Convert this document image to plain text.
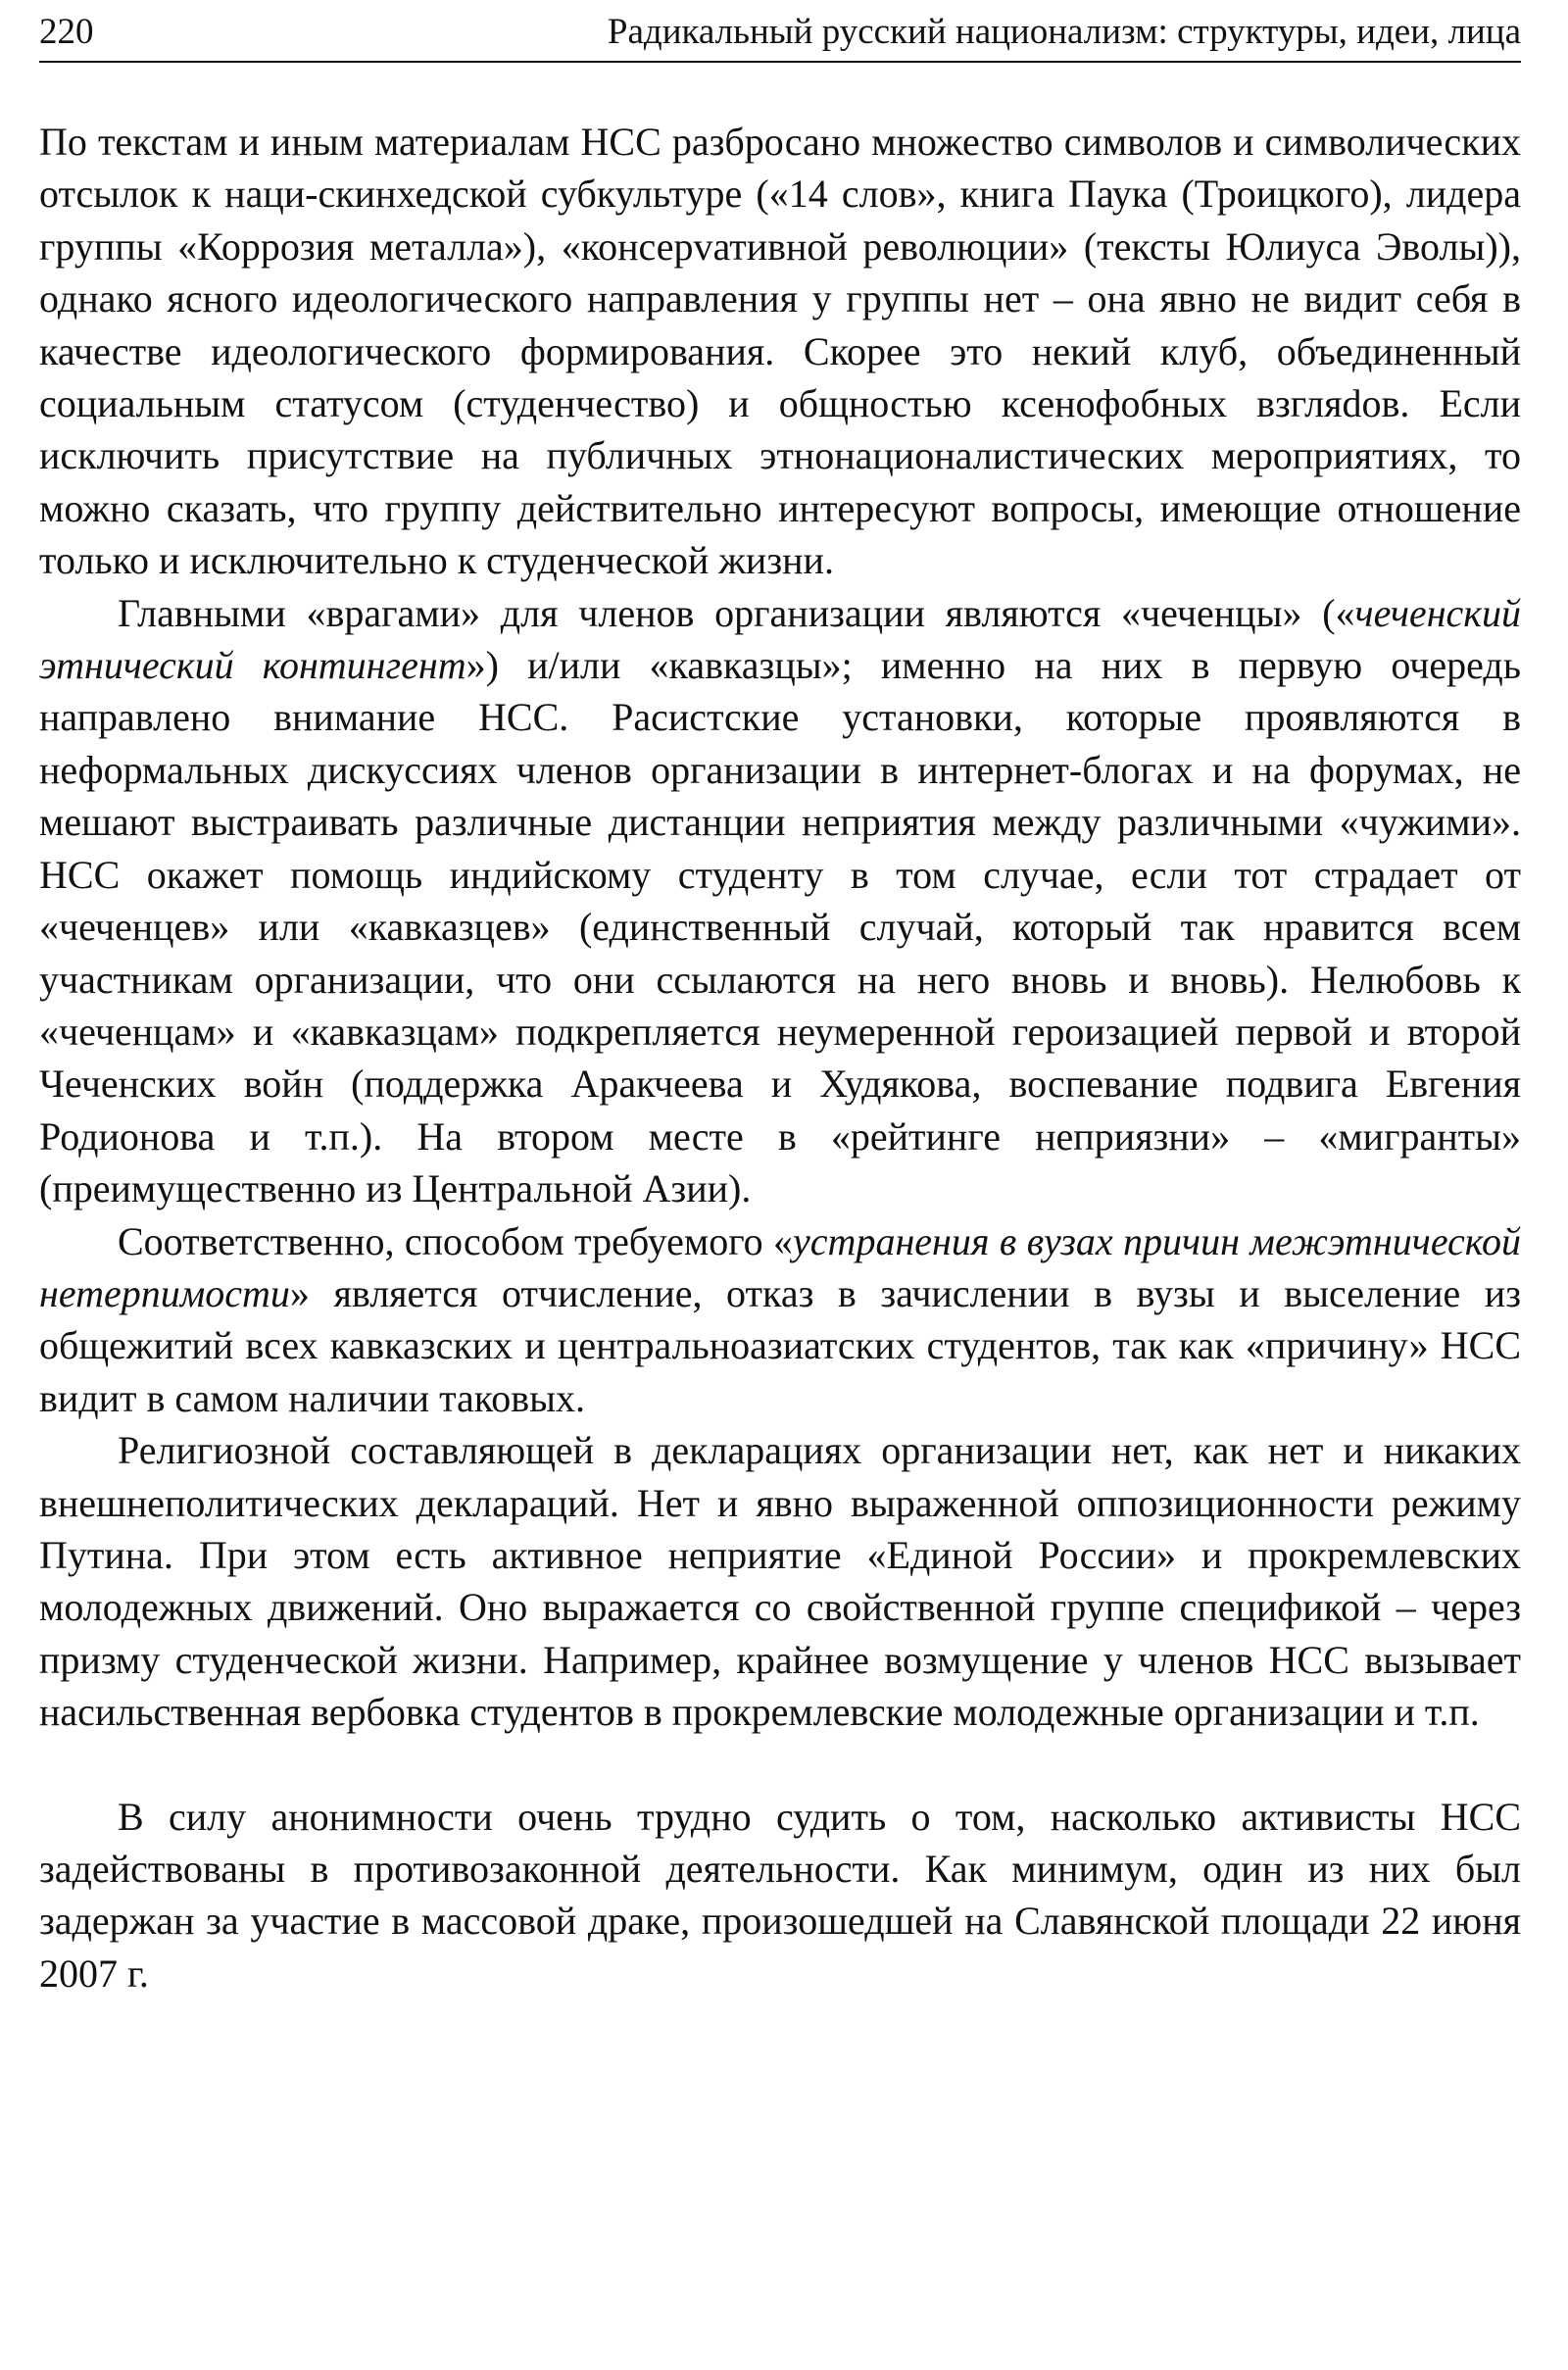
220	Радикальный русский национализм: структуры, идеи, лица

По текстам и иным материалам НСС разбросано множество символов и символических отсылок к наци-скинхедской субкультуре («14 слов», книга Паука (Троицкого), лидера группы «Коррозия металла»), «консерvативной революции» (тексты Юлиуса Эволы)), однако ясного идеологического направления у группы нет – она явно не видит себя в качестве идеологического формирования. Скорее это некий клуб, объединенный социальным статусом (студенчество) и общностью ксенофобных взгляdов. Если исключить присутствие на публичных этнонационалистических мероприятиях, то можно сказать, что группу действительно интересуют вопросы, имеющие отношение только и исключительно к студенческой жизни.

Главными «врагами» для членов организации являются «чеченцы» («чеченский этнический контингент») и/или «кавказцы»; именно на них в первую очередь направлено внимание НСС. Расистские установки, которые проявляются в неформальных дискуссиях членов организации в интернет-блогах и на форумах, не мешают выстраивать различные дистанции неприятия между различными «чужими». НСС окажет помощь индийскому студенту в том случае, если тот страдает от «чеченцев» или «кавказцев» (единственный случай, который так нравится всем участникам организации, что они ссылаются на него вновь и вновь). Нелюбовь к «чеченцам» и «кавказцам» подкрепляется неумеренной героизацией первой и второй Чеченских войн (поддержка Аракчеева и Худякова, воспевание подвига Евгения Родионова и т.п.). На втором месте в «рейтинге неприязни» – «мигранты» (преимущественно из Центральной Азии).

Соответственно, способом требуемого «устранения в вузах причин межэтнической нетерпимости» является отчисление, отказ в зачислении в вузы и выселение из общежитий всех кавказских и центральноазиатских студентов, так как «причину» НСС видит в самом наличии таковых.

Религиозной составляющей в декларациях организации нет, как нет и никаких внешнеполитических деклараций. Нет и явно выраженной оппозиционности режиму Путина. При этом есть активное неприятие «Единой России» и прокремлевских молодежных движений. Оно выражается со свойственной группе спецификой – через призму студенческой жизни. Например, крайнее возмущение у членов НСС вызывает насильственная вербовка студентов в прокремлевские молодежные организации и т.п.

В силу анонимности очень трудно судить о том, насколько активисты НСС задействованы в противозаконной деятельности. Как минимум, один из них был задержан за участие в массовой драке, произошедшей на Славянской площади 22 июня 2007 г.
